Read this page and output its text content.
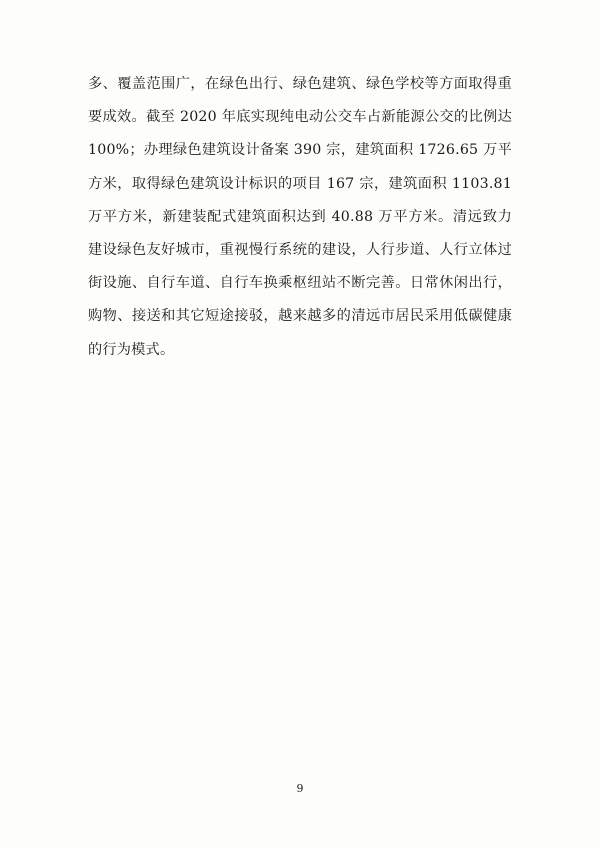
多、覆盖范围广，在绿色出行、绿色建筑、绿色学校等方面取得重要成效。截至 2020 年底实现纯电动公交车占新能源公交的比例达 100%；办理绿色建筑设计备案 390 宗，建筑面积 1726.65 万平方米，取得绿色建筑设计标识的项目 167 宗，建筑面积 1103.81 万平方米，新建装配式建筑面积达到 40.88 万平方米。清远致力建设绿色友好城市，重视慢行系统的建设，人行步道、人行立体过街设施、自行车道、自行车换乘枢纽站不断完善。日常休闲出行，购物、接送和其它短途接驳，越来越多的清远市居民采用低碳健康的行为模式。

9
